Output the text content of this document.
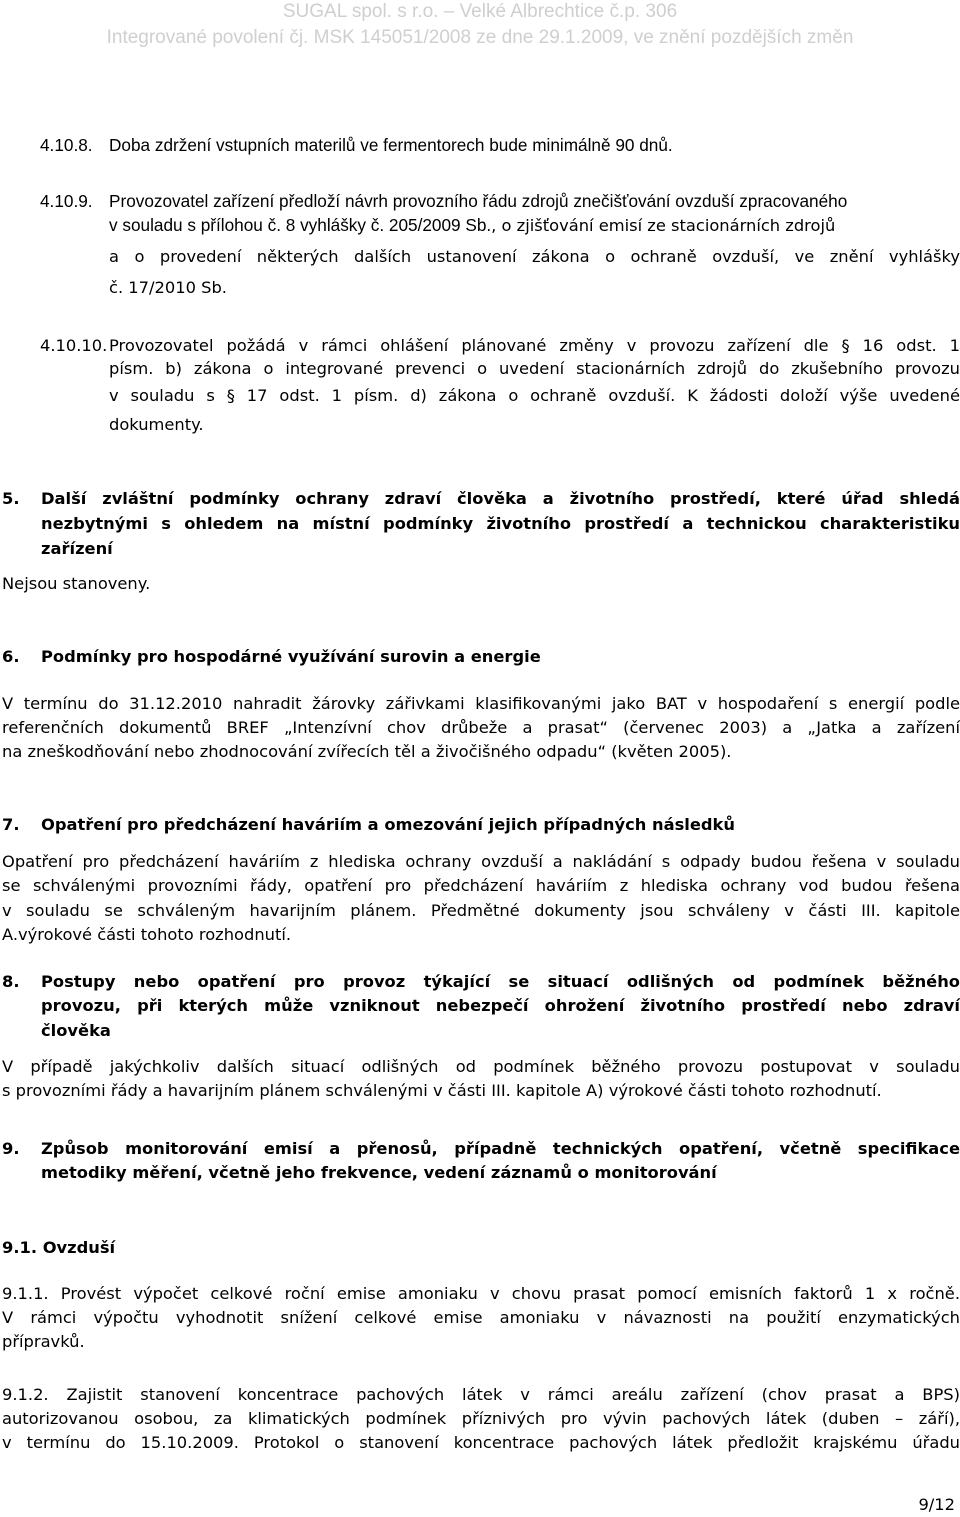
SUGAL spol. s r.o. – Velké Albrechtice č.p. 306
Integrované povolení čj. MSK 145051/2008 ze dne 29.1.2009, ve znění pozdějších změn
4.10.8. Doba zdržení vstupních materilů ve fermentorech bude minimálně 90 dnů.
4.10.9. Provozovatel zařízení předloží návrh provozního řádu zdrojů znečišťování ovzduší zpracovaného
v souladu s přílohou č. 8 vyhlášky č. 205/2009 Sb., o zjišťování emisí ze stacionárních zdrojů
a o provedení některých dalších ustanovení zákona o ochraně ovzduší, ve znění vyhlášky
č. 17/2010 Sb.
4.10.10. Provozovatel požádá v rámci ohlášení plánované změny v provozu zařízení dle § 16 odst. 1
písm. b) zákona o integrované prevenci o uvedení stacionárních zdrojů do zkušebního provozu
v souladu s § 17 odst. 1 písm. d) zákona o ochraně ovzduší. K žádosti doloží výše uvedené
dokumenty.
5. Další zvláštní podmínky ochrany zdraví člověka a životního prostředí, které úřad shledá
nezbytnými s ohledem na místní podmínky životního prostředí a technickou charakteristiku
zařízení
Nejsou stanoveny.
6. Podmínky pro hospodárné využívání surovin a energie
V termínu do 31.12.2010 nahradit žárovky zářivkami klasifikovanými jako BAT v hospodaření s energií podle
referenčních dokumentů BREF „Intenzívní chov drůbeže a prasat“ (červenec 2003) a „Jatka a zařízení
na zneškodňování nebo zhodnocování zvířecích těl a živočišného odpadu“ (květen 2005).
7. Opatření pro předcházení haváriím a omezování jejich případných následků
Opatření pro předcházení haváriím z hlediska ochrany ovzduší a nakládání s odpady budou řešena v souladu
se schválenými provozními řády, opatření pro předcházení haváriím z hlediska ochrany vod budou řešena
v souladu se schváleným havarijním plánem. Předmětné dokumenty jsou schváleny v části III. kapitole
A.výrokové části tohoto rozhodnutí.
8. Postupy nebo opatření pro provoz týkající se situací odlišných od podmínek běžného
provozu, při kterých může vzniknout nebezpečí ohrožení životního prostředí nebo zdraví
člověka
V případě jakýchkoliv dalších situací odlišných od podmínek běžného provozu postupovat v souladu
s provozními řády a havarijním plánem schválenými v části III. kapitole A) výrokové části tohoto rozhodnutí.
9. Způsob monitorování emisí a přenosů, případně technických opatření, včetně specifikace
metodiky měření, včetně jeho frekvence, vedení záznamů o monitorování
9.1. Ovzduší
9.1.1. Provést výpočet celkové roční emise amoniaku v chovu prasat pomocí emisních faktorů 1 x ročně.
V rámci výpočtu vyhodnotit snížení celkové emise amoniaku v návaznosti na použití enzymatických
přípravků.
9.1.2. Zajistit stanovení koncentrace pachových látek v rámci areálu zařízení (chov prasat a BPS)
autorizovanou osobou, za klimatických podmínek příznivých pro vývin pachových látek (duben – září),
v termínu do 15.10.2009. Protokol o stanovení koncentrace pachových látek předložit krajskému úřadu
9/12
